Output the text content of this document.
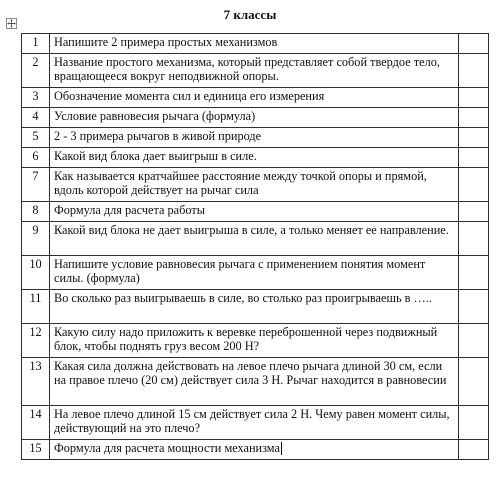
7 классы
1	Напишите 2 примера простых механизмов	
2	Название простого механизма, который представляет собой твердое тело, вращающееся вокруг неподвижной опоры.	
3	Обозначение момента сил и единица его измерения	
4	Условие равновесия рычага (формула)	
5	2 - 3 примера рычагов в живой природе	
6	Какой вид блока дает выигрыш в силе.	
7	Как называется кратчайшее расстояние между точкой опоры и прямой, вдоль которой действует на рычаг сила	
8	Формула для расчета работы	
9	Какой вид блока не дает выигрыша в силе, а только меняет ее направление.	
10	Напишите условие равновесия рычага с применением понятия момент силы. (формула)	
11	Во сколько раз выигрываешь в силе, во столько раз проигрываешь в …..	
12	Какую силу надо приложить к веревке переброшенной через подвижный блок, чтобы поднять груз весом 200 Н?	
13	Какая сила должна действовать на левое плечо рычага длиной 30 см, если на правое плечо (20 см) действует сила 3 Н. Рычаг находится в равновесии	
14	На левое плечо длиной 15 см действует сила 2 Н. Чему равен момент силы, действующий на это плечо?	
15	Формула для расчета мощности механизма	
